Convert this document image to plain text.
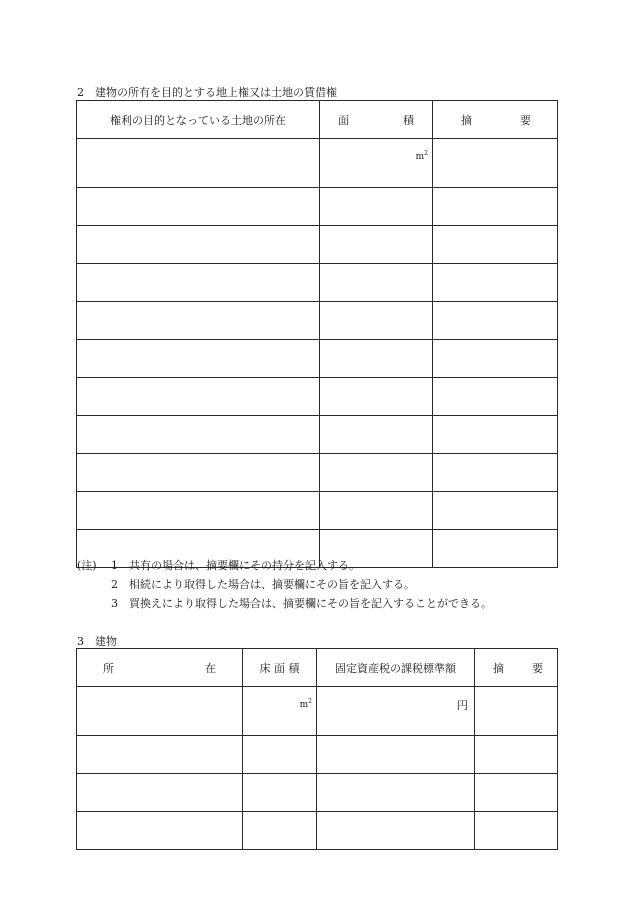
2　建物の所有を目的とする地上権又は土地の賃借権
権利の目的となっている土地の所在	面 積	摘 要

	$m^2$	

(注) 1 共有の場合は、摘要欄にその持分を記入する。
2 相続により取得した場合は、摘要欄にその旨を記入する。
3 買換えにより取得した場合は、摘要欄にその旨を記入することができる。
3　建物
所 在	床 面 積	固定資産税の課税標準額	摘 要

	$m^2$	円	
